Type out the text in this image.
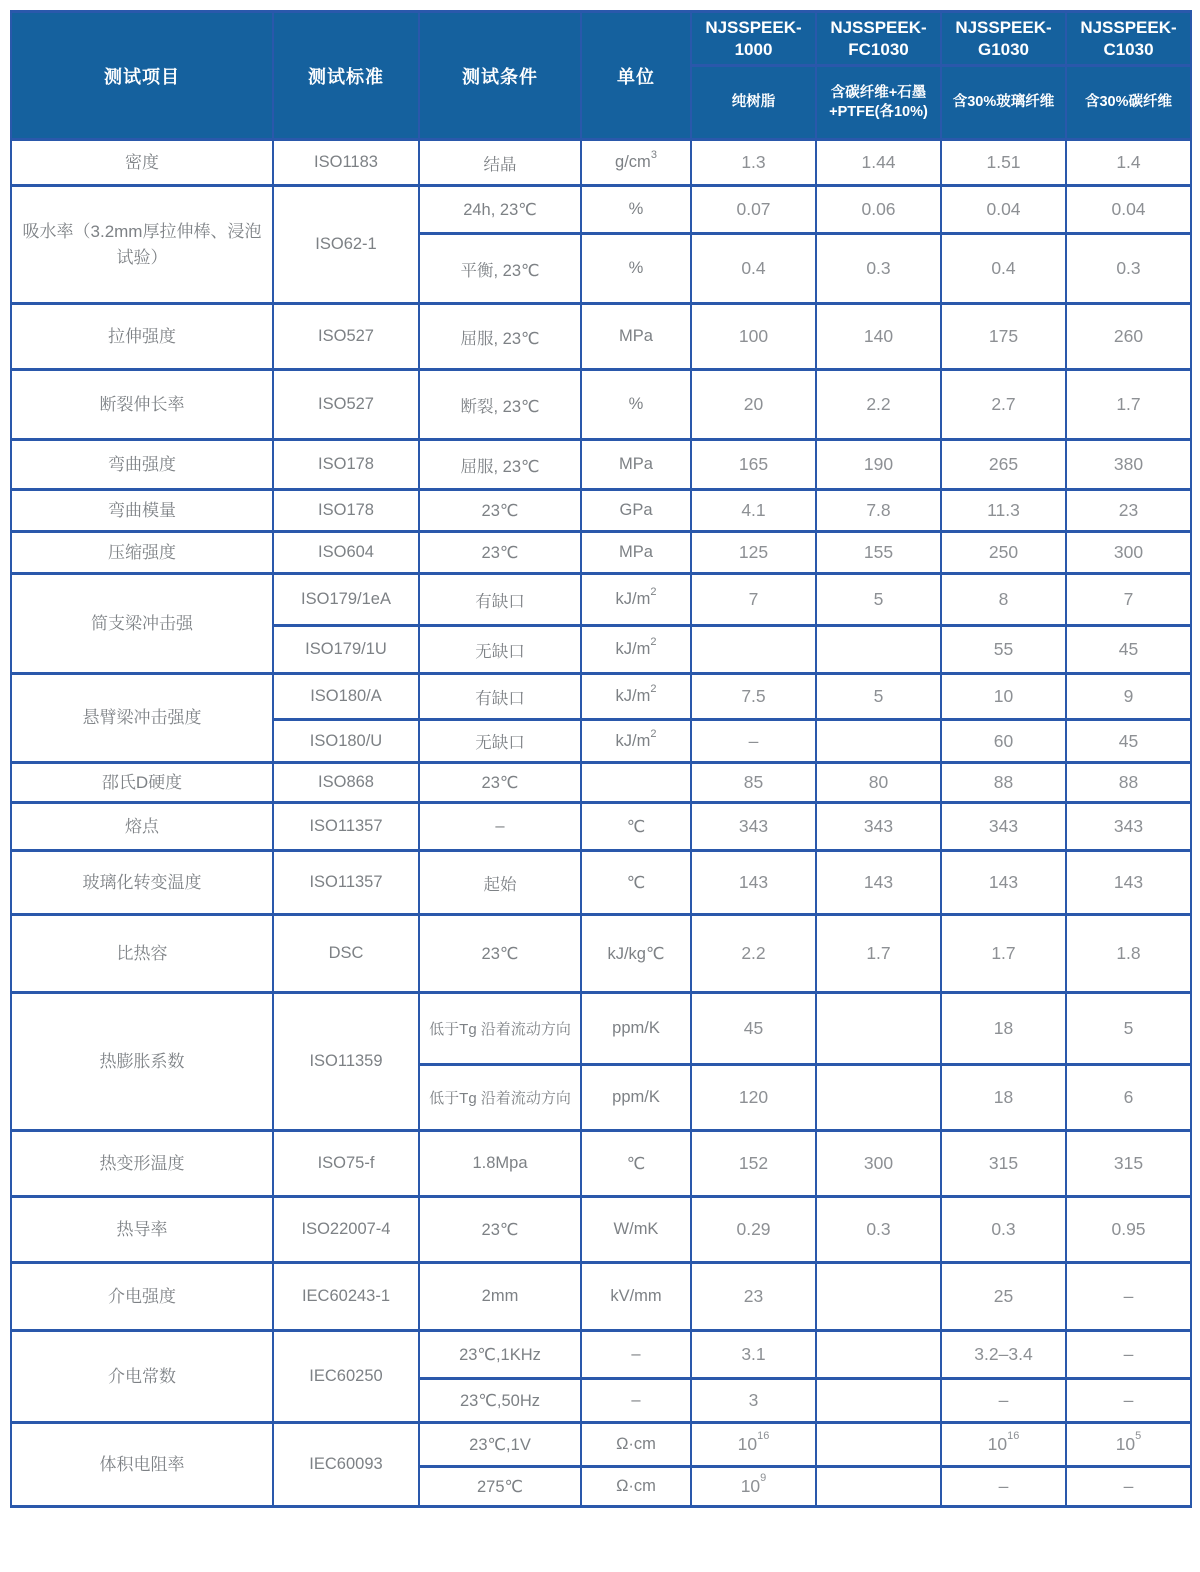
测试项目	测试标准	测试条件	单位	NJSSPEEK-1000	NJSSPEEK-FC1030	NJSSPEEK-G1030	NJSSPEEK-C1030
				纯树脂	含碳纤维+石墨+PTFE(各10%)	含30%玻璃纤维	含30%碳纤维
密度	ISO1183	结晶	$g/cm^3$	1.3	1.44	1.51	1.4
吸水率（3.2mm厚拉伸棒、浸泡试验）	ISO62-1	24h, 23℃	%	0.07	0.06	0.04	0.04
		平衡, 23℃	%	0.4	0.3	0.4	0.3
拉伸强度	ISO527	屈服, 23℃	MPa	100	140	175	260
断裂伸长率	ISO527	断裂, 23℃	%	20	2.2	2.7	1.7
弯曲强度	ISO178	屈服, 23℃	MPa	165	190	265	380
弯曲模量	ISO178	23℃	GPa	4.1	7.8	11.3	23
压缩强度	ISO604	23℃	MPa	125	155	250	300
简支梁冲击强	ISO179/1eA	有缺口	$kJ/m^2$	7	5	8	7
	ISO179/1U	无缺口	$kJ/m^2$			55	45
悬臂梁冲击强度	ISO180/A	有缺口	$kJ/m^2$	7.5	5	10	9
	ISO180/U	无缺口	$kJ/m^2$	–		60	45
邵氏D硬度	ISO868	23℃		85	80	88	88
熔点	ISO11357	–	℃	343	343	343	343
玻璃化转变温度	ISO11357	起始	℃	143	143	143	143
比热容	DSC	23℃	kJ/kg℃	2.2	1.7	1.7	1.8
热膨胀系数	ISO11359	低于Tg 沿着流动方向	ppm/K	45		18	5
		低于Tg 沿着流动方向	ppm/K	120		18	6
热变形温度	ISO75-f	1.8Mpa	℃	152	300	315	315
热导率	ISO22007-4	23℃	W/mK	0.29	0.3	0.3	0.95
介电强度	IEC60243-1	2mm	kV/mm	23		25	–
介电常数	IEC60250	23℃,1KHz	–	3.1		3.2–3.4	–
		23℃,50Hz	–	3		–	–
体积电阻率	IEC60093	23℃,1V	Ω·cm	$10^{16}$		$10^{16}$	$10^5$
		275℃	Ω·cm	$10^9$		–	–
